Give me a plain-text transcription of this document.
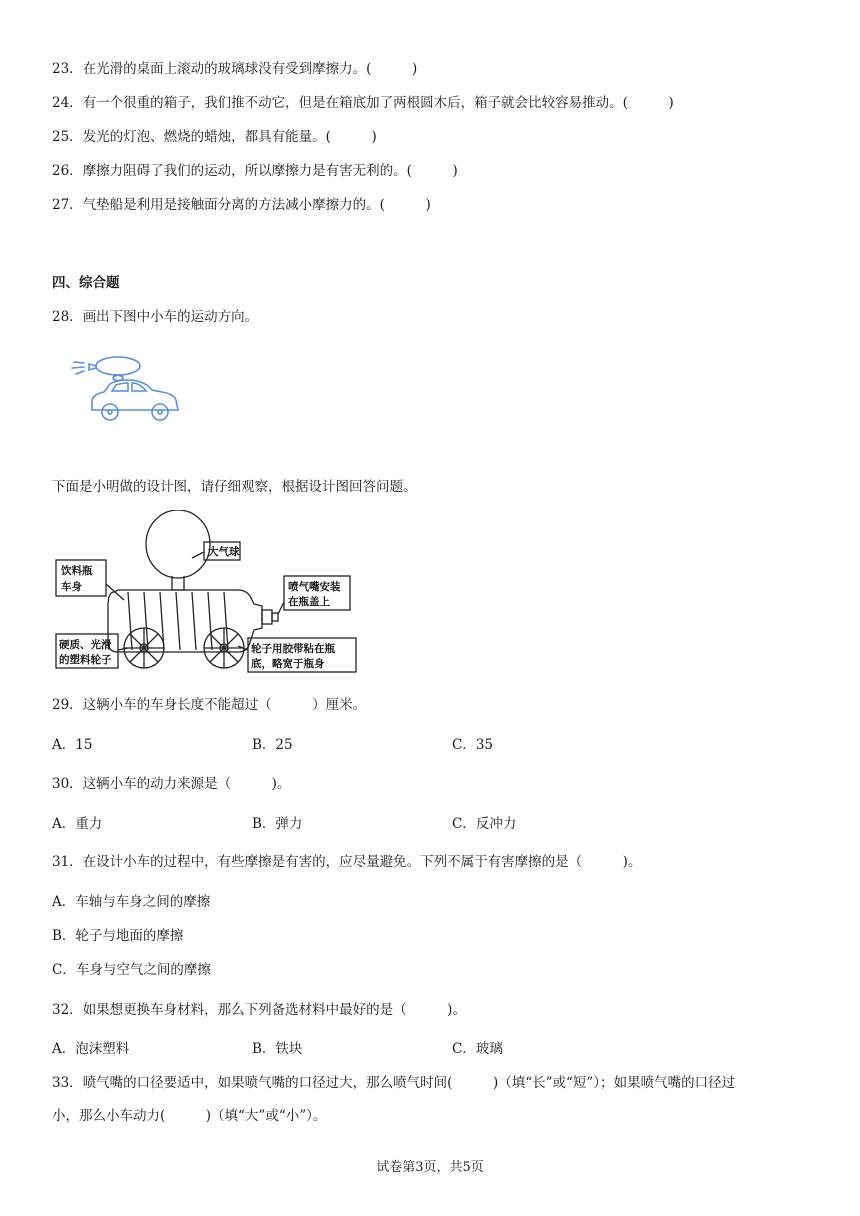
23．在光滑的桌面上滚动的玻璃球没有受到摩擦力。(　　　)
24．有一个很重的箱子，我们推不动它，但是在箱底加了两根圆木后，箱子就会比较容易推动。(　　　)
25．发光的灯泡、燃烧的蜡烛，都具有能量。(　　　)
26．摩擦力阻碍了我们的运动，所以摩擦力是有害无利的。(　　　)
27．气垫船是利用是接触面分离的方法减小摩擦力的。(　　　)
四、综合题
28．画出下图中小车的运动方向。
下面是小明做的设计图，请仔细观察，根据设计图回答问题。
大气球
饮料瓶
车身	喷气嘴安装
在瓶盖上
硬质、光滑
的塑料轮子
轮子用胶带粘在瓶
底，略宽于瓶身
29．这辆小车的车身长度不能超过（　　　）厘米。
A．15	B．25	C．35
30．这辆小车的动力来源是（　　　)。
A．重力	B．弹力	C．反冲力
31．在设计小车的过程中，有些摩擦是有害的，应尽量避免。下列不属于有害摩擦的是（　　　)。
A．车轴与车身之间的摩擦
B．轮子与地面的摩擦
C．车身与空气之间的摩擦
32．如果想更换车身材料，那么下列备选材料中最好的是（　　　)。
A．泡沫塑料	B．铁块	C．玻璃
33．喷气嘴的口径要适中，如果喷气嘴的口径过大，那么喷气时间(　　　)（填“长”或“短”）；如果喷气嘴的口径过
小，那么小车动力(　　　)（填“大”或“小”）。
试卷第3页，共5页
